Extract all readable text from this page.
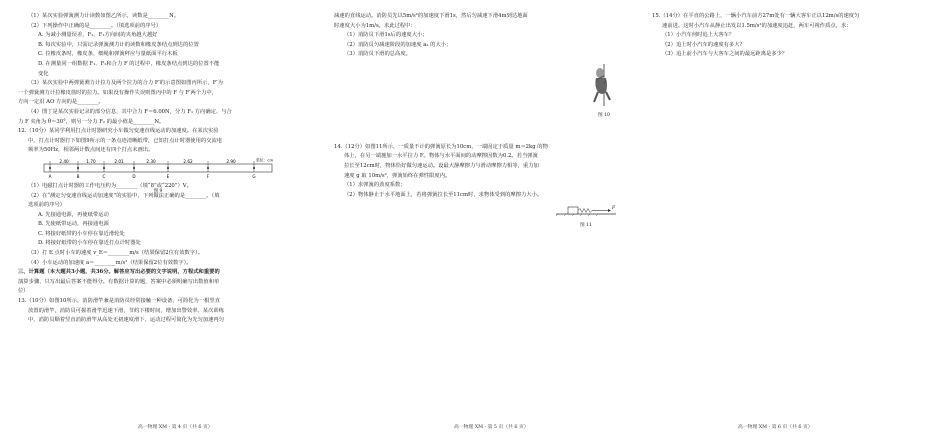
（1）某次实验弹簧测力计读数如图乙所示，读数是________N。

（2）下列操作中正确的是________。（填选项前的序号）

A. 为减小测量误差，F₁、F₂方向间的夹角越大越好

B. 每次实验中，只需记录弹簧测力计的读数和橡皮条结点到达的位置

C. 拉橡皮条时，橡皮条、细绳和弹簧秤应与量纸面平行木板

D. 在测量同一组数据 F₁、F₂和合力 F 的过程中，橡皮条结点到达的位置不能

变化

（3）某次实验中两弹簧测力计拉力及两个拉力的合力 F′的示意图如图丙所示，F′为

一个弹簧测力计拉橡皮筋时的拉力。如果没有操作失误则图丙中的 F 与 F′两个力中，

方向一定沿 AO 方向的是________。

（4）图丁是某次实验记录的部分信息，其中合力 F＝6.00N，分力 F₁ 方向确定、与合

力 F 夹角为 θ＝30°，则另一分力 F₂ 的最小值是________N。

12.（10分）某同学利用打点计时器研究小车做匀变速直线运动的加速度。在某次实验

中，打点计时器打下如图9所示的一条点迹清晰纸带，已知打点计时器使用的交流电

频率为50Hz，相邻两计数点间还有四个打点未画出。

2.40	1.70	2.01	2.30	2.62	2.90	单位：cm
A	B	C	D	E	F	G
图 9

（1）电磁打点计时器的工作电压约为________（填“8”或“220”）V。

（2）在“测定匀变速直线运动加速度”的实验中，下列做法正确的是________。（填

选项前的序号）

A. 先接通电源，再使纸带运动

B. 先使纸带运动，再接通电源

C. 将接好纸带的小车停在靠近滑轮处

D. 将接好纸带的小车停在靠近打点计时器处

（3）打 E 点时小车的速度 v_E＝________m/s（结果保留2位有效数字）。

（4）小车运动的加速度 a＝________m/s²（结果保留2位有效数字）。

三、计算题（本大题共3小题，共36分。解答应写出必要的文字说明、方程式和重要的

演算步骤，只写出最后答案不能得分。有数据计算的题，答案中必须明确写出数值和单

位）

13.（10分）如图10所示，消防滑竿兼是消防员经常接触一种设备，可简化为一根竖直

放置的滑竿，消防员可握着滑竿迅速下滑，节约下楼时间，增加出警效率。某次训练

中，消防员顺着竖直消防滑竿从高处无初速度滑下，运动过程可简化为先匀加速再匀

高一物理 XM · 第 4 页（共 6 页）

减速的直线运动。消防员先以5m/s²的加速度下滑1s，然后匀减速下滑4m到达地面

时速度大小为1m/s。求此过程中：

（1）消防员下滑1s后的速度大小；

（2）消防员匀减速阶段的加速度 a₂ 的大小；

（3）消防员下滑的总高度。

图 10

14.（12分）如图11所示，一质量不计的弹簧原长为10cm，一端固定于质量 m＝2kg 的物

体上，在另一端施加一水平拉力 F。物体与水平面间的动摩擦因数为0.2。若当弹簧

拉长至12cm时，物体恰好做匀速运动。设最大静摩擦力与滑动摩擦力相等，重力加

速度 g 取 10m/s²，弹簧始终在弹性限度内。

（1）求弹簧的劲度系数；

（2）物体静止于水平地面上，若将弹簧拉长至11cm时，求物体受到的摩擦力大小。

F
图 11
高一物理 XM · 第 5 页（共 6 页）

15.（14分）在平直的公路上，一辆小汽车前方27m处有一辆大客车正以12m/s的速度匀

速前进。这时小汽车从静止出发以1.5m/s²的加速度追赶，两车可视作质点，求：

（1）小汽车何时追上大客车？

（2）追上时小汽车的速度有多大？

（3）追上前小汽车与大客车之间的最远距离是多少？

高一物理 XM · 第 6 页（共 6 页）
